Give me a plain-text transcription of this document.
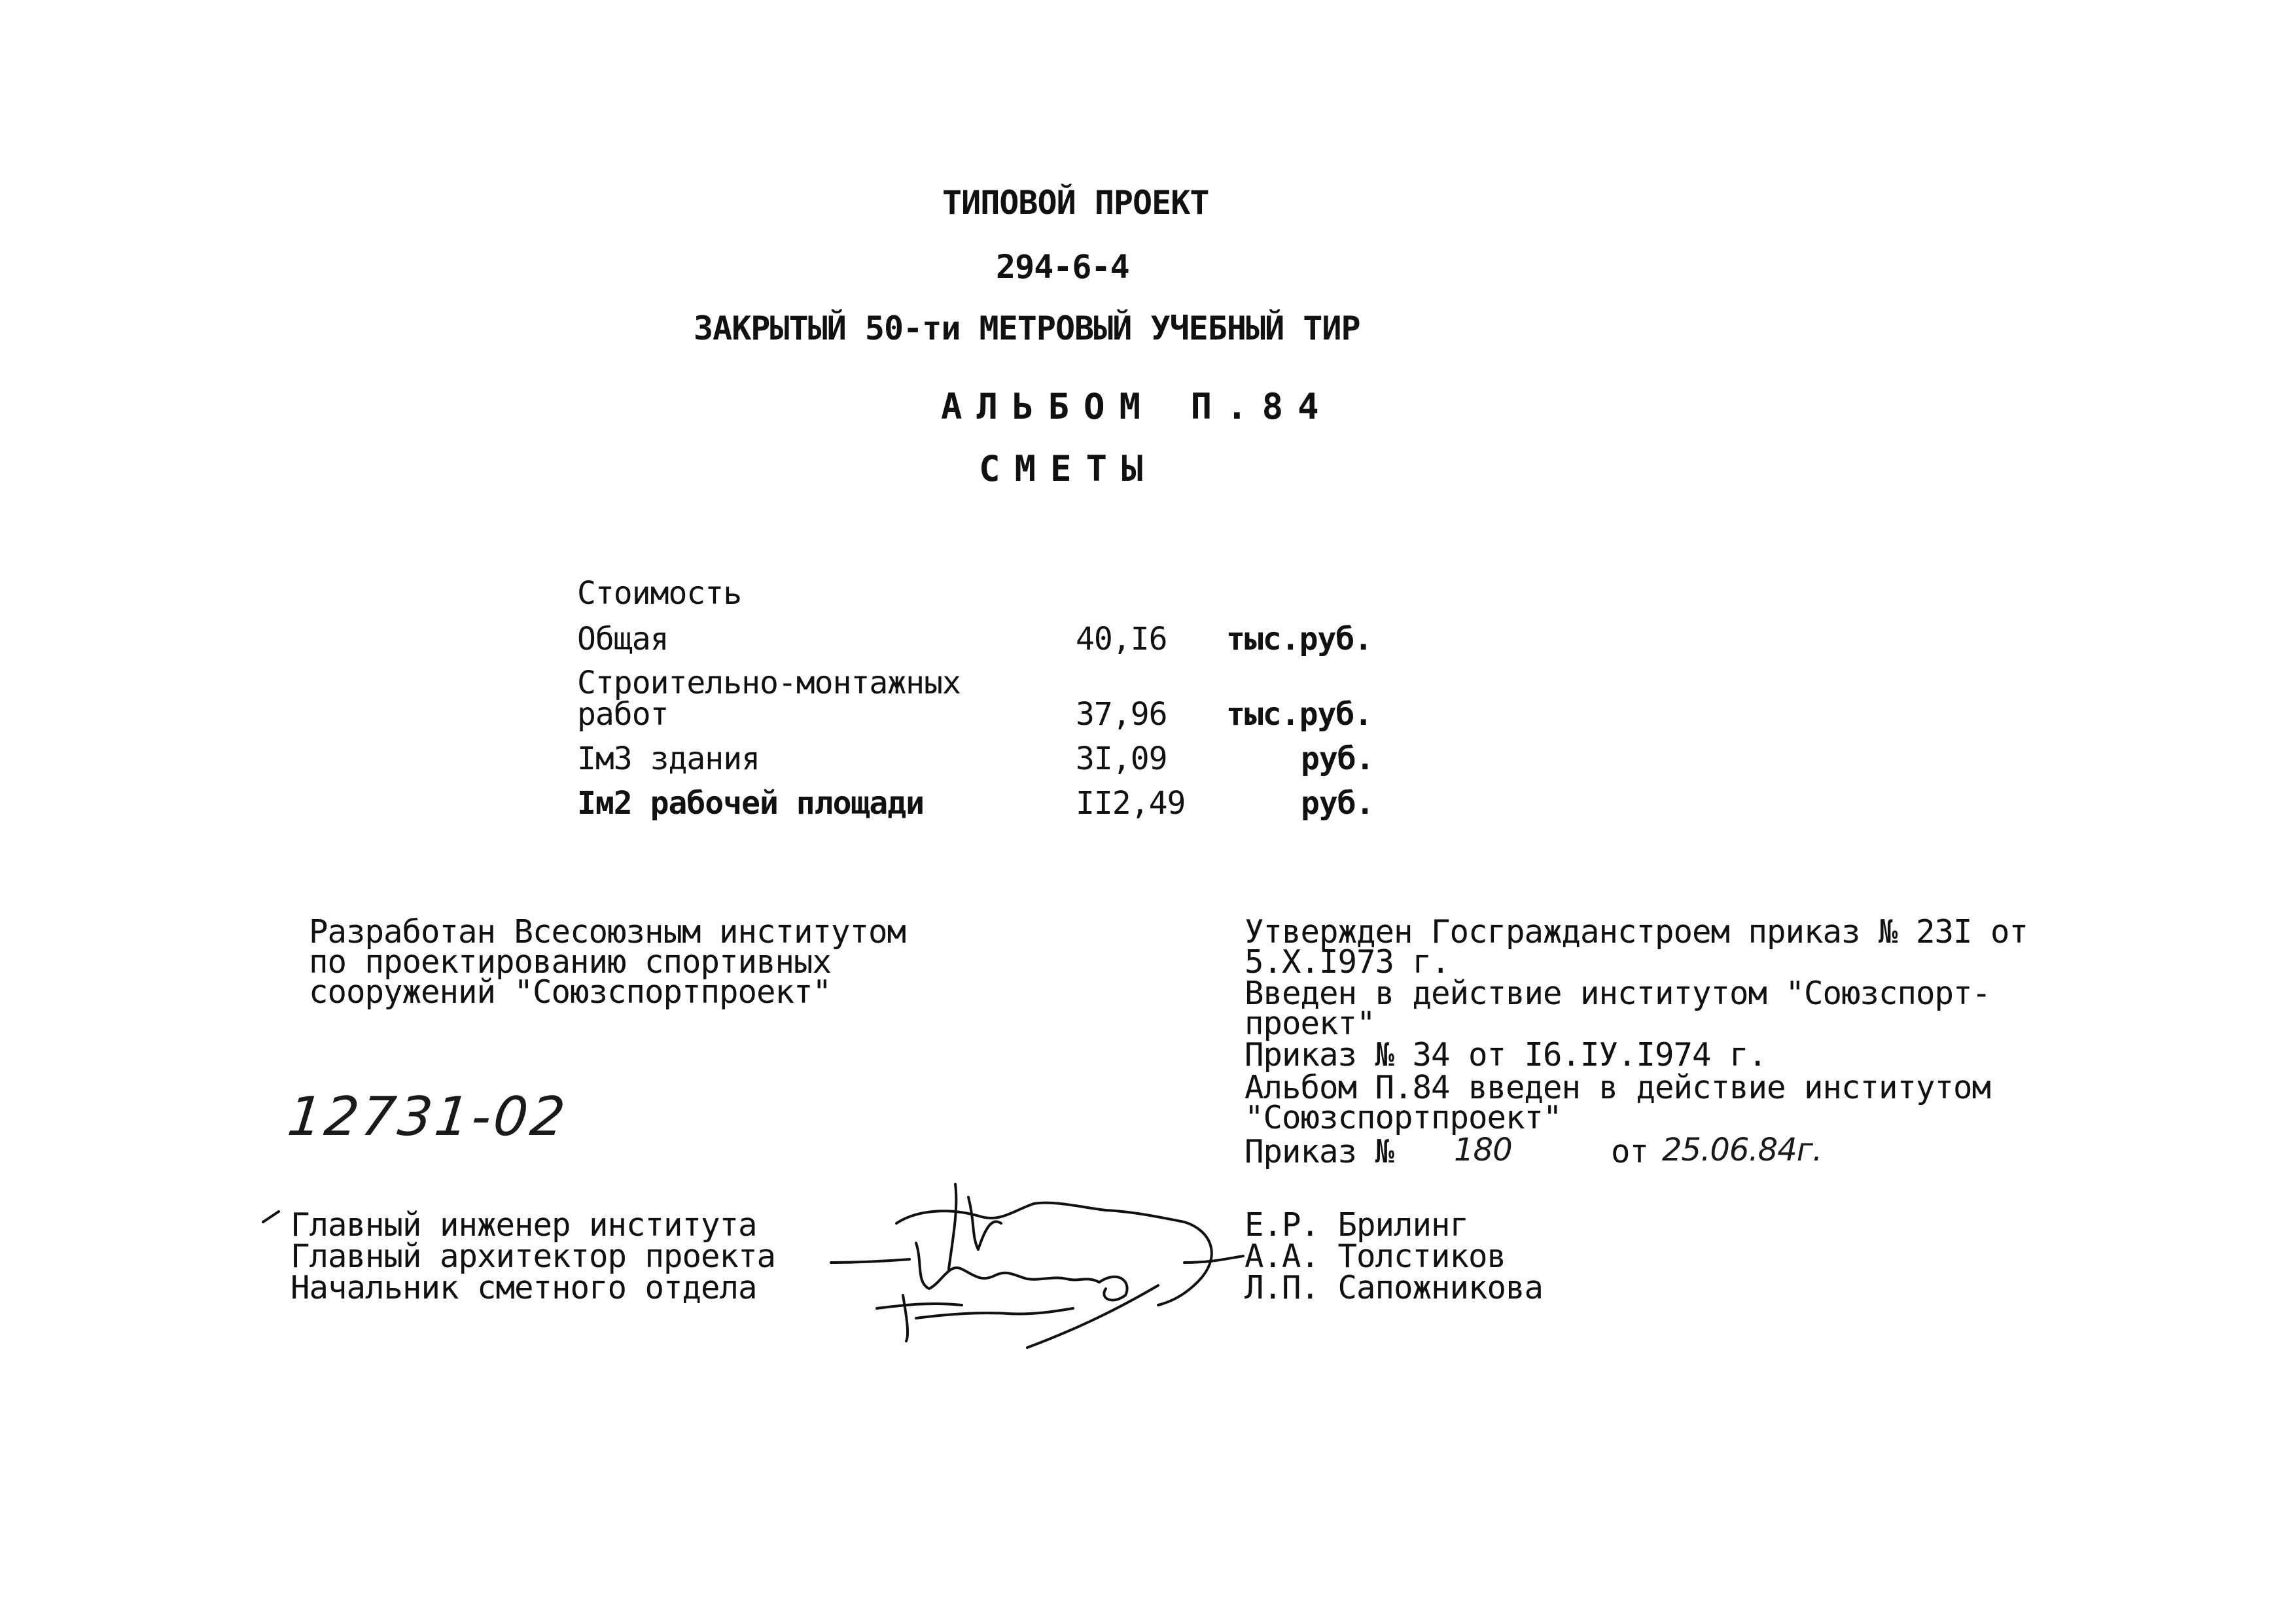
ТИПОВОЙ ПРОЕКТ
294-6-4
ЗАКРЫТЫЙ 50-ти МЕТРОВЫЙ УЧЕБНЫЙ ТИР
АЛЬБОМ П.84
СМЕТЫ
Стоимость
Общая	40,I6 тыс.руб.
Строительно-монтажных
работ	37,96 тыс.руб.
Iм3 здания	3I,09	руб.
Iм2 рабочей площади	II2,49	руб.
Разработан Всесоюзным институтом
по проектированию спортивных
сооружений "Союзспортпроект"
Утвержден Госгражданстроем приказ № 23I от
5.X.I973 г.
Введен в действие институтом "Союзспорт-
проект"
Приказ № 34 от I6.IУ.I974 г.
Альбом П.84 введен в действие институтом
"Союзспортпроект"
Приказ № 180	от 25.06.84г.
12731-02
Главный инженер института
Главный архитектор проекта
Начальник сметного отдела
Е.Р. Брилинг
А.А. Толстиков
Л.П. Сапожникова
